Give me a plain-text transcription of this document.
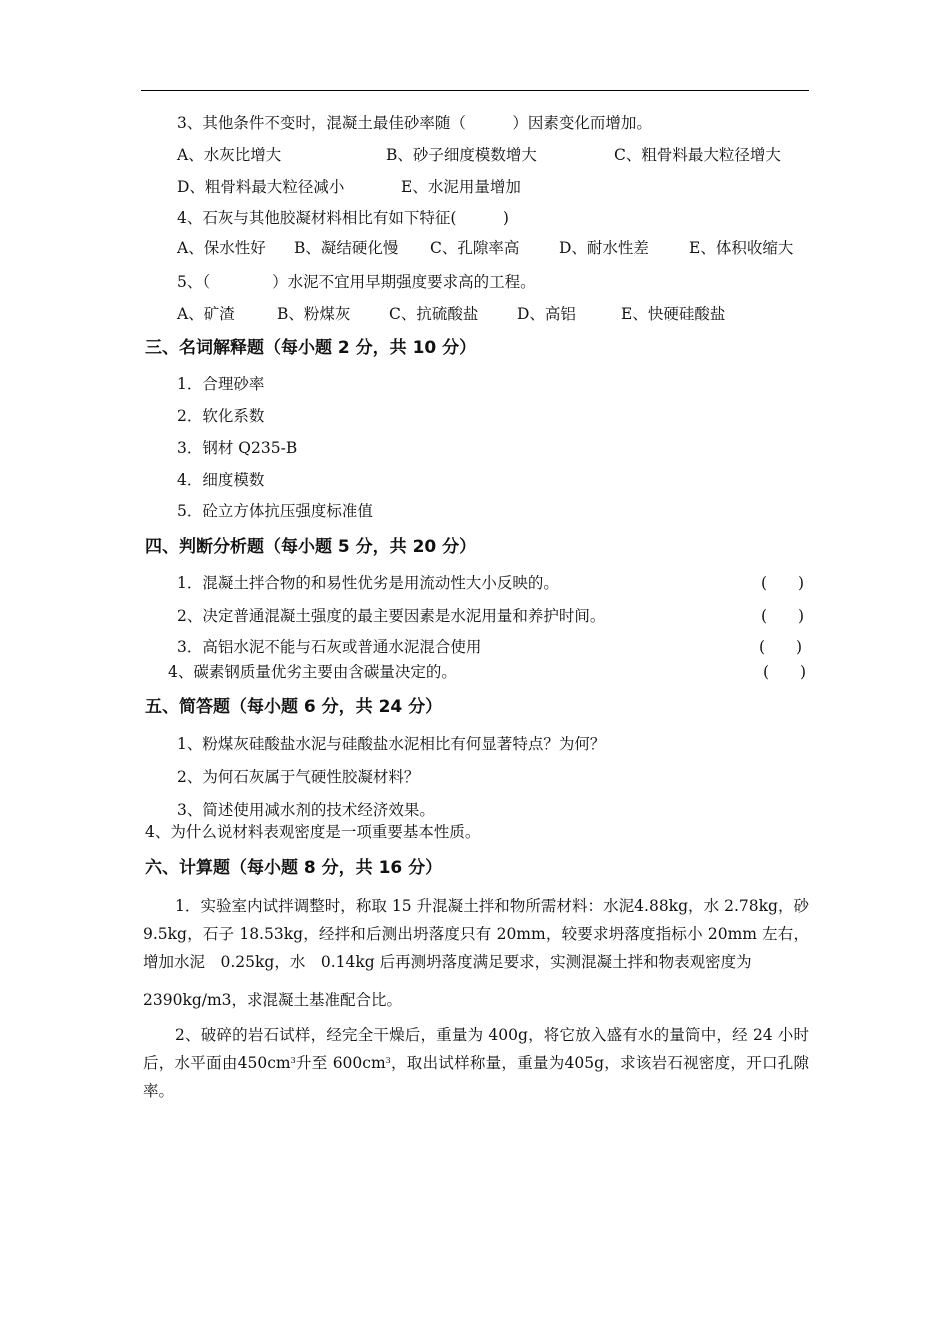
3、其他条件不变时，混凝土最佳砂率随（　　　）因素变化而增加。
A、水灰比增大	B、砂子细度模数增大	C、粗骨料最大粒径增大
D、粗骨料最大粒径减小	E、水泥用量增加
4、石灰与其他胶凝材料相比有如下特征(　　　)
A、保水性好 B、凝结硬化慢 C、孔隙率高	D、耐水性差	E、体积收缩大
5、（　　　　）水泥不宜用早期强度要求高的工程。
A、矿渣	B、粉煤灰 C、抗硫酸盐 D、高铝	E、快硬硅酸盐
三、名词解释题（每小题 2 分，共 10 分）
1．合理砂率
2．软化系数
3．钢材 Q235-B
4．细度模数
5．砼立方体抗压强度标准值
四、判断分析题（每小题 5 分，共 20 分）
1．混凝土拌合物的和易性优劣是用流动性大小反映的。	(　　)
2、决定普通混凝土强度的最主要因素是水泥用量和养护时间。	(　　)
3．高铝水泥不能与石灰或普通水泥混合使用	(　　)
4、碳素钢质量优劣主要由含碳量决定的。	(　　)
五、简答题（每小题 6 分，共 24 分）
1、粉煤灰硅酸盐水泥与硅酸盐水泥相比有何显著特点？为何？
2、为何石灰属于气硬性胶凝材料？
3、简述使用减水剂的技术经济效果。
4、为什么说材料表观密度是一项重要基本性质。
六、计算题（每小题 8 分，共 16 分）
1．实验室内试拌调整时，称取 15 升混凝土拌和物所需材料：水泥4.88kg，水 2.78kg，砂 9.5kg，石子 18.53kg，经拌和后测出坍落度只有 20mm，较要求坍落度指标小 20mm 左右，增加水泥　0.25kg，水　0.14kg 后再测坍落度满足要求，实测混凝土拌和物表观密度为
2390kg/m3，求混凝土基准配合比。
2、破碎的岩石试样，经完全干燥后，重量为 400g，将它放入盛有水的量筒中，经 24 小时后，水平面由$450cm^3$升至 $600cm^3$，取出试样称量，重量为405g，求该岩石视密度，开口孔隙率。
